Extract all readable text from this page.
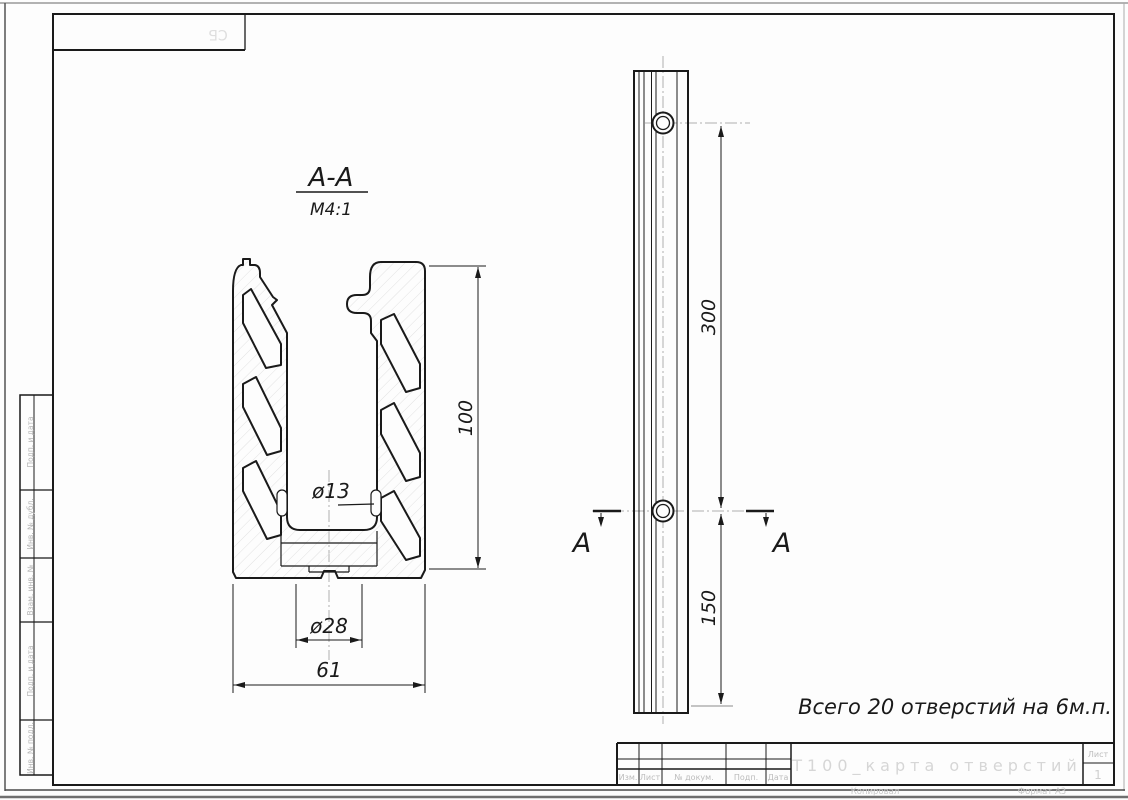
СБ
Подп. и дата
Инв. № дубл.
Взам. инв. №
Подп. и дата
Инв. № подл.
А-А
М4:1
100
ø13
ø28
61
300
150
А	А
Всего 20 отверстий на 6м.п.
Изм. Лист № докум.	Подп. Дата
Т100_карта отверстий
Лист
1
Копировал	Формат А3
